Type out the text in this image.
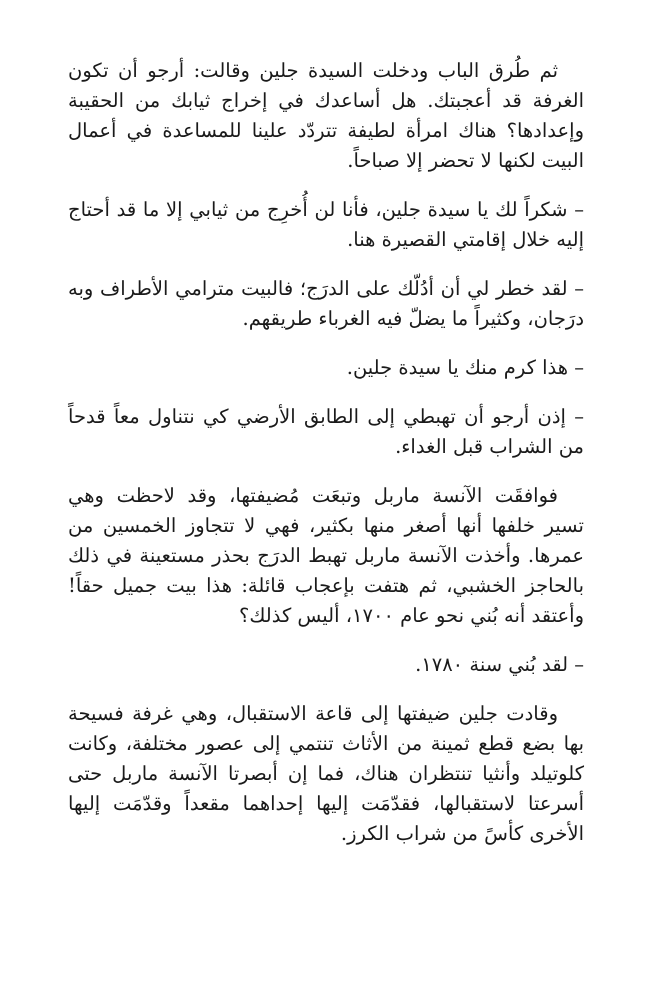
ثم طُرق الباب ودخلت السيدة جلين وقالت: أرجو أن تكون الغرفة قد أعجبتك. هل أساعدك في إخراج ثيابك من الحقيبة وإعدادها؟ هناك امرأة لطيفة تتردّد علينا للمساعدة في أعمال البيت لكنها لا تحضر إلا صباحاً.

– شكراً لك يا سيدة جلين، فأنا لن أُخرِج من ثيابي إلا ما قد أحتاج إليه خلال إقامتي القصيرة هنا.

– لقد خطر لي أن أدُلّك على الدرَج؛ فالبيت مترامي الأطراف وبه درَجان، وكثيراً ما يضلّ فيه الغرباء طريقهم.

– هذا كرم منك يا سيدة جلين.

– إذن أرجو أن تهبطي إلى الطابق الأرضي كي نتناول معاً قدحاً من الشراب قبل الغداء.

فوافقَت الآنسة ماربل وتبعَت مُضيفتها، وقد لاحظت وهي تسير خلفها أنها أصغر منها بكثير، فهي لا تتجاوز الخمسين من عمرها. وأخذت الآنسة ماربل تهبط الدرَج بحذر مستعينة في ذلك بالحاجز الخشبي، ثم هتفت بإعجاب قائلة: هذا بيت جميل حقاً! وأعتقد أنه بُني نحو عام ١٧٠٠، أليس كذلك؟

– لقد بُني سنة ١٧٨٠.

وقادت جلين ضيفتها إلى قاعة الاستقبال، وهي غرفة فسيحة بها بضع قطع ثمينة من الأثاث تنتمي إلى عصور مختلفة، وكانت كلوتيلد وأنثيا تنتظران هناك، فما إن أبصرتا الآنسة ماربل حتى أسرعتا لاستقبالها، فقدّمَت إليها إحداهما مقعداً وقدّمَت إليها الأخرى كأسً من شراب الكرز.
